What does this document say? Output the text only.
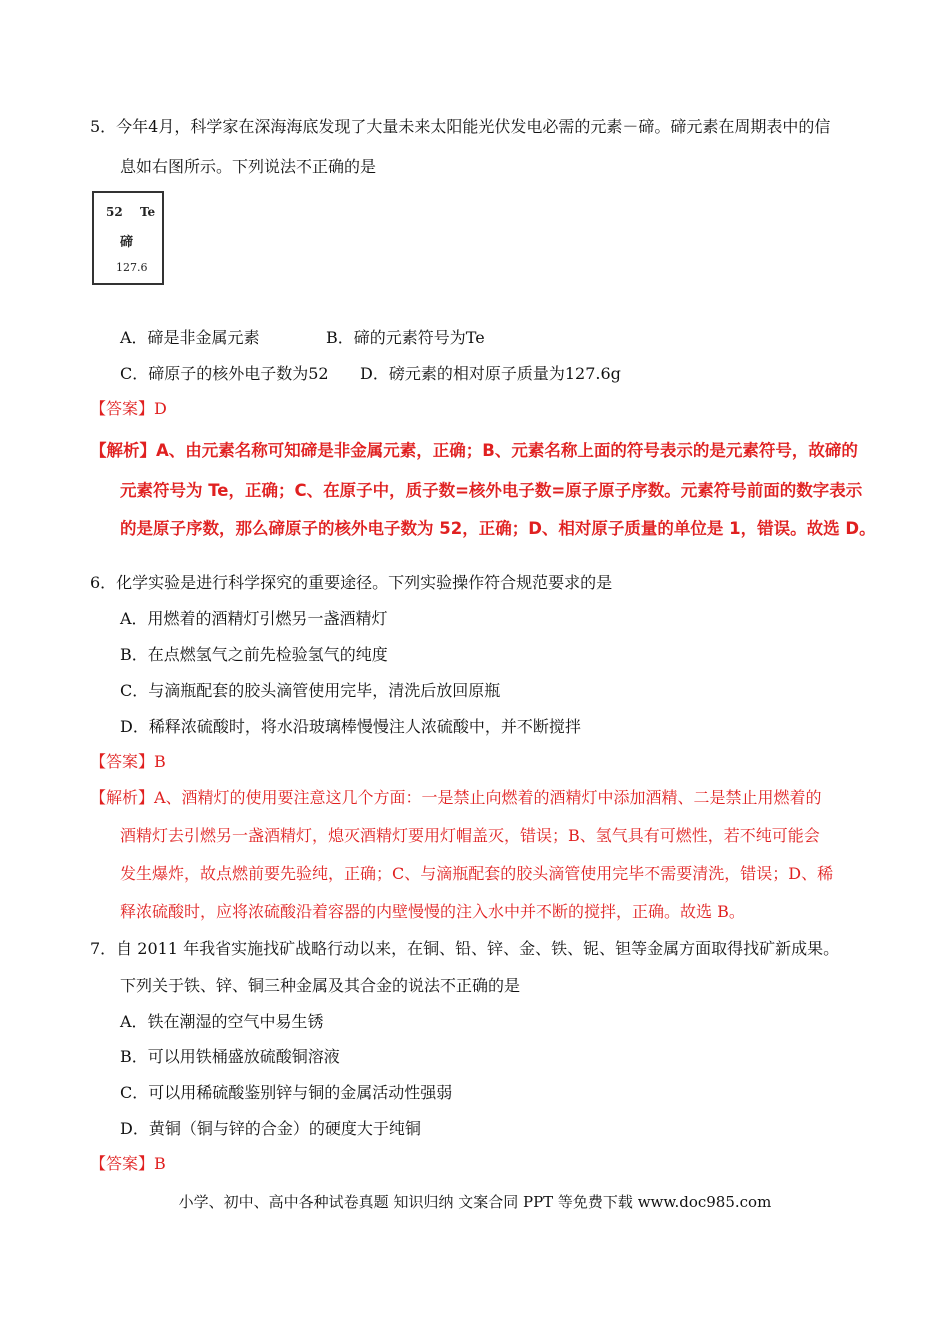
5．今年4月，科学家在深海海底发现了大量未来太阳能光伏发电必需的元素－碲。碲元素在周期表中的信
息如右图所示。下列说法不正确的是
52 Te
碲
127.6
A．碲是非金属元素	B．碲的元素符号为Te
C．碲原子的核外电子数为52 D．磅元素的相对原子质量为127.6g
【答案】D
【解析】A、由元素名称可知碲是非金属元素，正确；B、元素名称上面的符号表示的是元素符号，故碲的
元素符号为 Te，正确；C、在原子中，质子数=核外电子数=原子原子序数。元素符号前面的数字表示
的是原子序数，那么碲原子的核外电子数为 52，正确；D、相对原子质量的单位是 1，错误。故选 D。
6．化学实验是进行科学探究的重要途径。下列实验操作符合规范要求的是
A．用燃着的酒精灯引燃另一盏酒精灯
B．在点燃氢气之前先检验氢气的纯度
C．与滴瓶配套的胶头滴管使用完毕，清洗后放回原瓶
D．稀释浓硫酸时，将水沿玻璃棒慢慢注人浓硫酸中，并不断搅拌
【答案】B
【解析】A、酒精灯的使用要注意这几个方面：一是禁止向燃着的酒精灯中添加酒精、二是禁止用燃着的
酒精灯去引燃另一盏酒精灯，熄灭酒精灯要用灯帽盖灭，错误；B、氢气具有可燃性，若不纯可能会
发生爆炸，故点燃前要先验纯，正确；C、与滴瓶配套的胶头滴管使用完毕不需要清洗，错误；D、稀
释浓硫酸时，应将浓硫酸沿着容器的内壁慢慢的注入水中并不断的搅拌，正确。故选 B。
7．自 2011 年我省实施找矿战略行动以来，在铜、铅、锌、金、铁、铌、钽等金属方面取得找矿新成果。
下列关于铁、锌、铜三种金属及其合金的说法不正确的是
A．铁在潮湿的空气中易生锈
B．可以用铁桶盛放硫酸铜溶液
C．可以用稀硫酸鉴别锌与铜的金属活动性强弱
D．黄铜（铜与锌的合金）的硬度大于纯铜
【答案】B
小学、初中、高中各种试卷真题 知识归纳 文案合同 PPT 等免费下载 www.doc985.com
